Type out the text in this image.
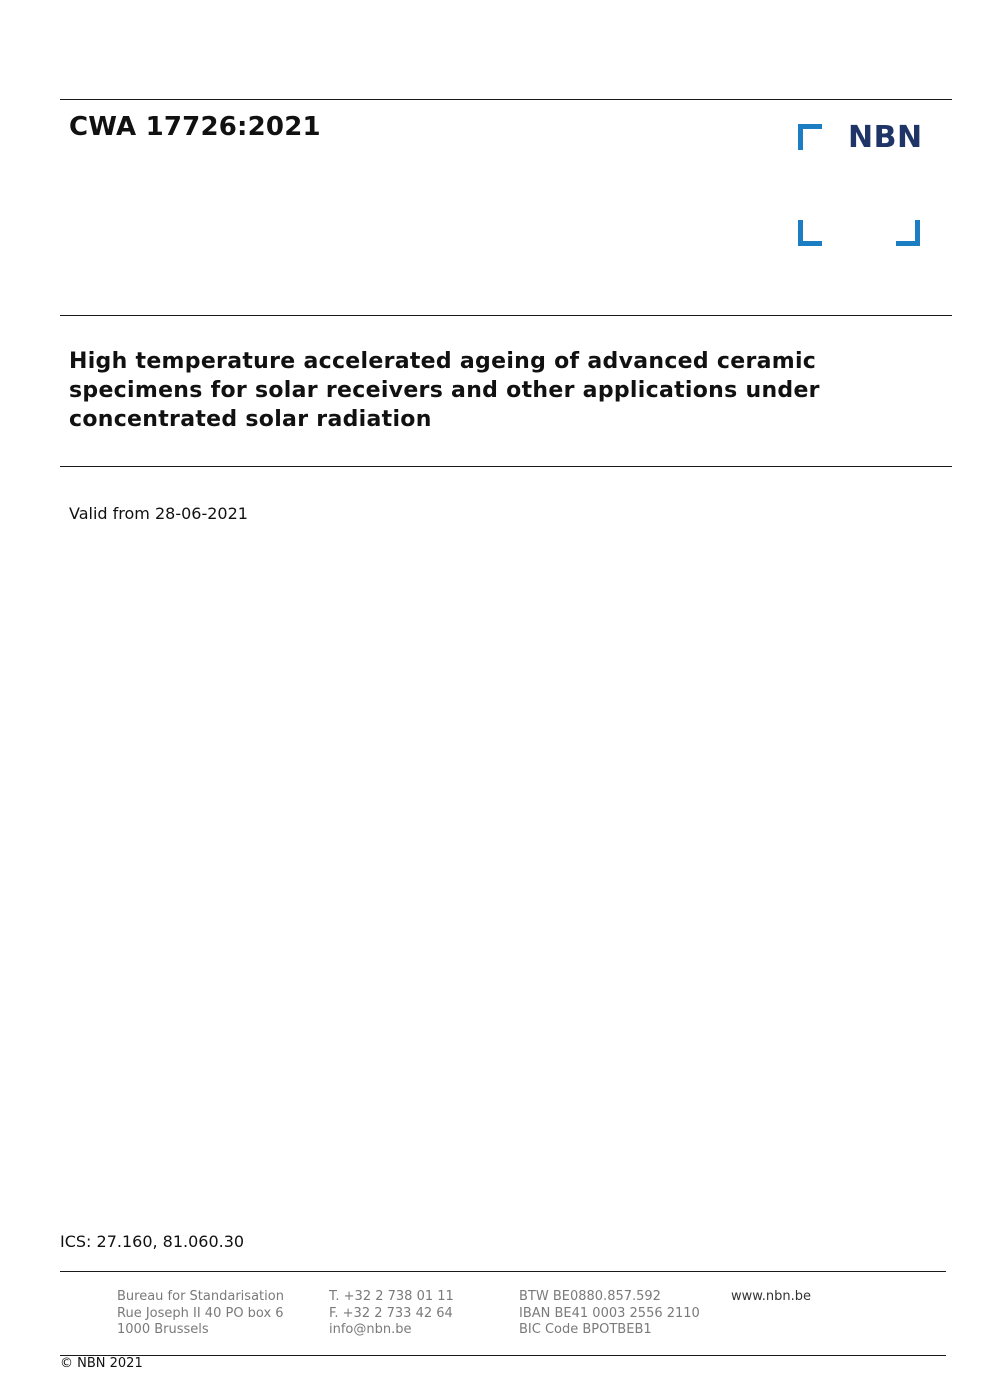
CWA 17726:2021	NBN
High temperature accelerated ageing of advanced ceramic specimens for solar receivers and other applications under concentrated solar radiation
Valid from 28-06-2021
ICS: 27.160, 81.060.30
Bureau for Standarisation
Rue Joseph II 40 PO box 6
1000 Brussels
T. +32 2 738 01 11
F. +32 2 733 42 64
info@nbn.be
BTW BE0880.857.592
IBAN BE41 0003 2556 2110
BIC Code BPOTBEB1
www.nbn.be
© NBN 2021
